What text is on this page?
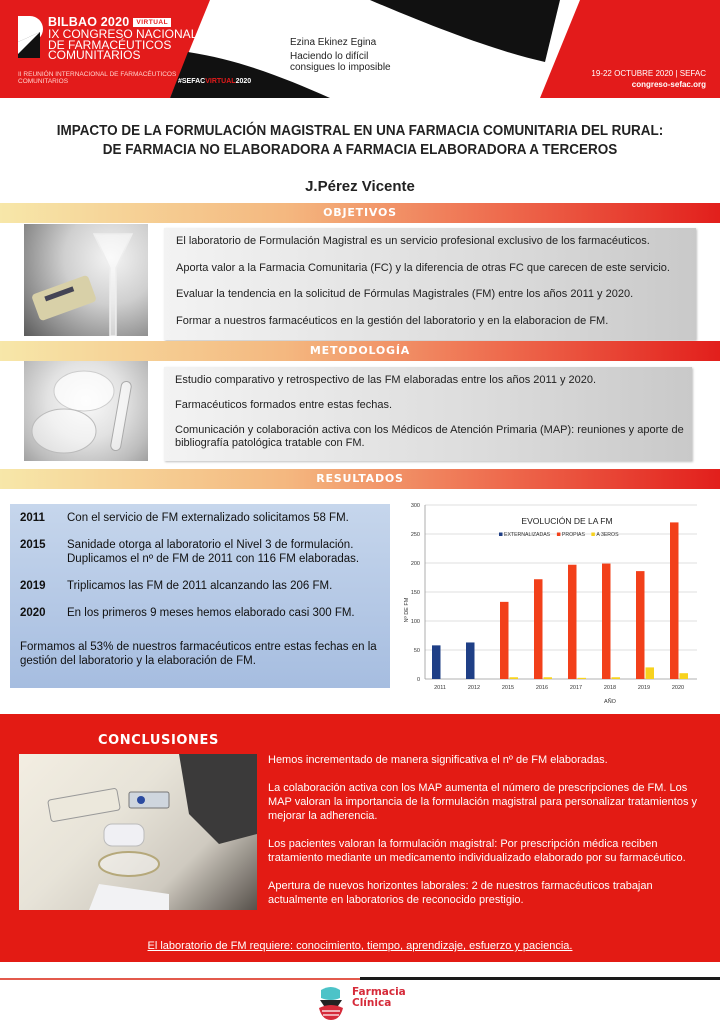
BILBAO 2020 VIRTUAL
IX CONGRESO NACIONAL DE FARMACÉUTICOS COMUNITARIOS
II REUNIÓN INTERNACIONAL DE FARMACÉUTICOS COMUNITARIOS	#SEFACVIRTUAL2020
Ezina Ekinez Egina
Haciendo lo difícil
consigues lo imposible
19-22 OCTUBRE 2020 | SEFAC
congreso-sefac.org
IMPACTO DE LA FORMULACIÓN MAGISTRAL EN UNA FARMACIA COMUNITARIA DEL RURAL:
DE FARMACIA NO ELABORADORA A FARMACIA ELABORADORA A TERCEROS
J.Pérez Vicente
OBJETIVOS

El laboratorio de Formulación Magistral es un servicio profesional exclusivo de los farmacéuticos.

Aporta valor a la Farmacia Comunitaria (FC) y la diferencia de otras FC que carecen de este servicio.

Evaluar la tendencia en la solicitud de Fórmulas Magistrales (FM) entre los años 2011 y 2020.

Formar a nuestros farmacéuticos en la gestión del laboratorio y en la elaboracion de FM.

METODOLOGÍA

Estudio comparativo y retrospectivo de las FM elaboradas entre los años 2011 y 2020.

Farmacéuticos formados entre estas fechas.

Comunicación y colaboración activa con los Médicos de Atención Primaria (MAP): reuniones y aporte de bibliografía patológica tratable con FM.

RESULTADOS
2011	Con el servicio de FM externalizado solicitamos 58 FM.
2015	Sanidade otorga al laboratorio el Nivel 3 de formulación. Duplicamos el nº de FM de 2011 con 116 FM elaboradas.
2019	Triplicamos las FM de 2011 alcanzando las 206 FM.
2020	En los primeros 9 meses hemos elaborado casi 300 FM.
Formamos al 53% de nuestros farmacéuticos entre estas fechas en la gestión del laboratorio y la elaboración de FM.
0
50
100
150
200
250
300
2011	2012	2015	2016	2017	2018	2019	2020
EVOLUCIÓN DE LA FM
EXTERNALIZADAS PROPIAS A 3EROS
AÑO
Nº DE FM
CONCLUSIONES

Hemos incrementado de manera significativa el nº de FM elaboradas.

La colaboración activa con los MAP aumenta el número de prescripciones de FM. Los MAP valoran la importancia de la formulación magistral para personalizar tratamientos y mejorar la adherencia.

Los pacientes valoran la formulación magistral: Por prescripción médica reciben tratamiento mediante un medicamento individualizado elaborado por su farmacéutico.

Apertura de nuevos horizontes laborales: 2 de nuestros farmacéuticos trabajan actualmente en laboratorios de reconocido prestigio.

El laboratorio de FM requiere: conocimiento, tiempo, aprendizaje, esfuerzo y paciencia.
Farmacia
Clínica
